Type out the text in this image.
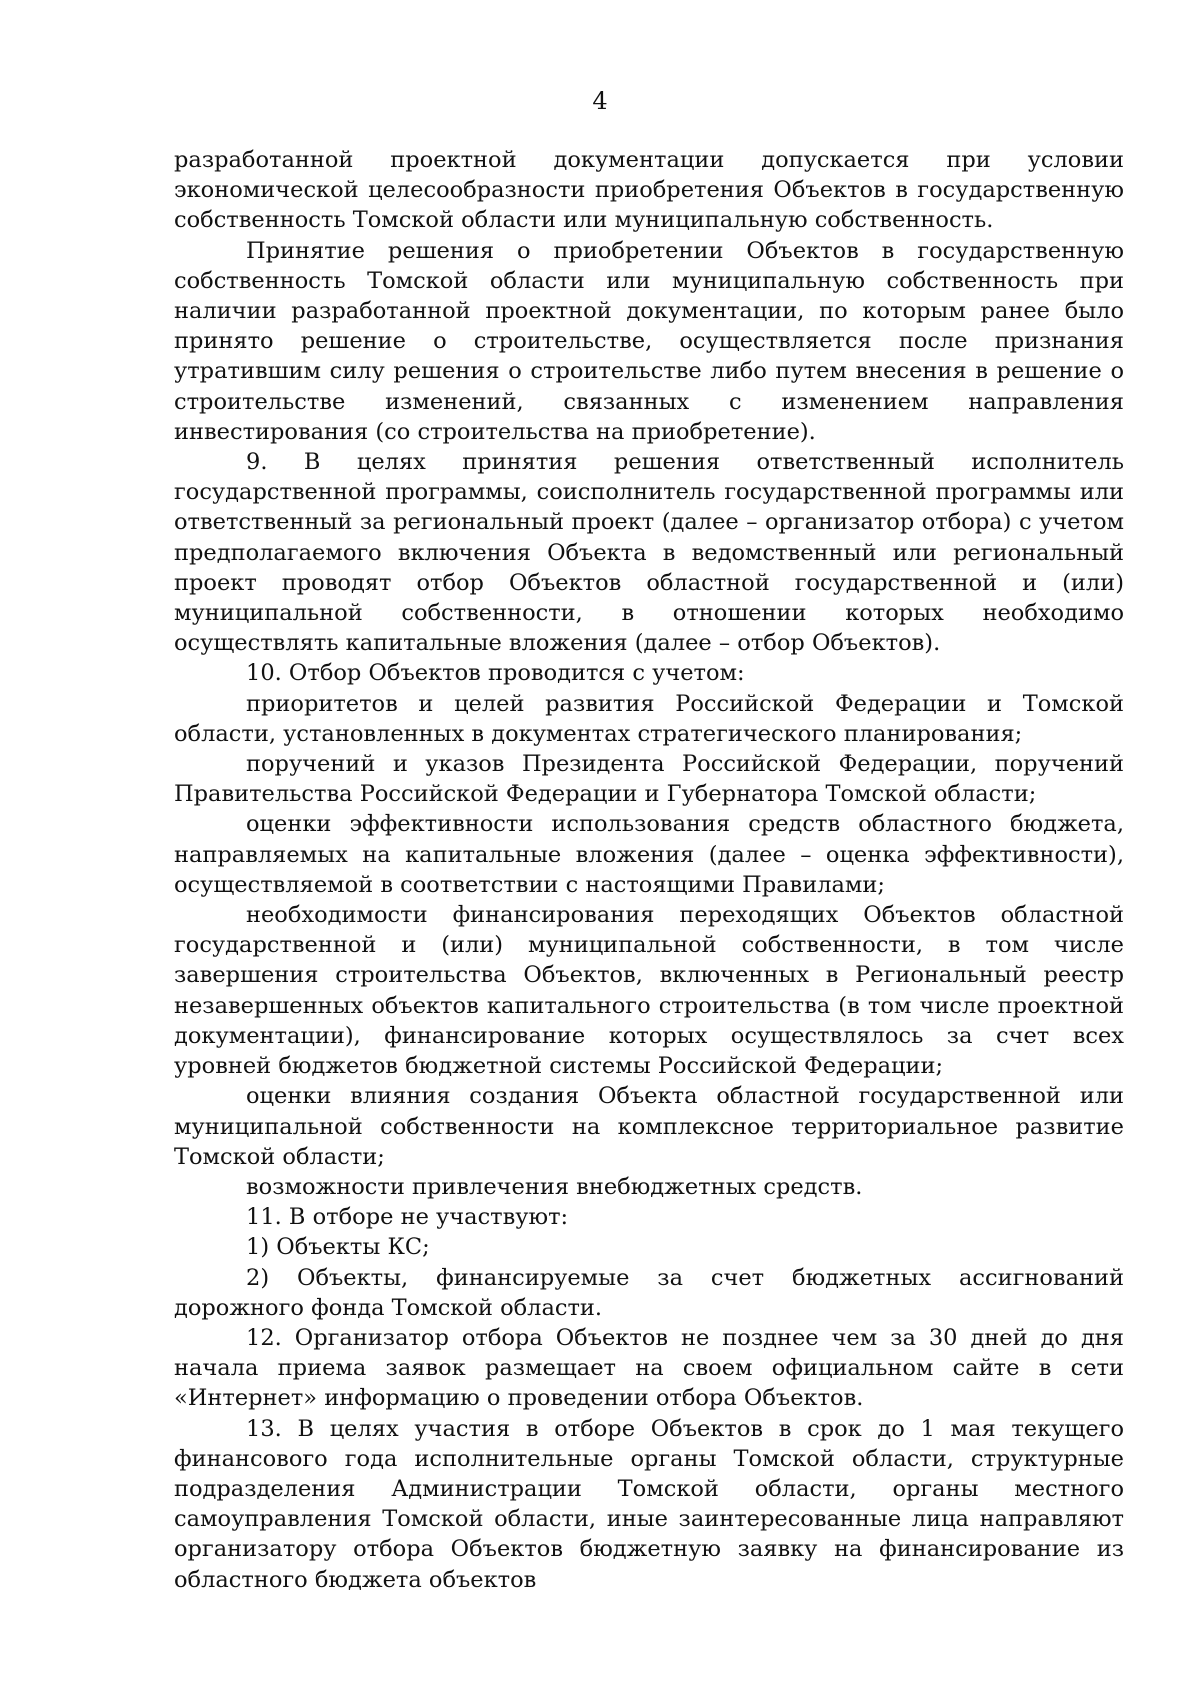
4

разработанной проектной документации допускается при условии экономической целесообразности приобретения Объектов в государственную собственность Томской области или муниципальную собственность.

Принятие решения о приобретении Объектов в государственную собственность Томской области или муниципальную собственность при наличии разработанной проектной документации, по которым ранее было принято решение о строительстве, осуществляется после признания утратившим силу решения о строительстве либо путем внесения в решение о строительстве изменений, связанных с изменением направления инвестирования (со строительства на приобретение).

9. В целях принятия решения ответственный исполнитель государственной программы, соисполнитель государственной программы или ответственный за региональный проект (далее – организатор отбора) с учетом предполагаемого включения Объекта в ведомственный или региональный проект проводят отбор Объектов областной государственной и (или) муниципальной собственности, в отношении которых необходимо осуществлять капитальные вложения (далее – отбор Объектов).

10. Отбор Объектов проводится с учетом:

приоритетов и целей развития Российской Федерации и Томской области, установленных в документах стратегического планирования;

поручений и указов Президента Российской Федерации, поручений Правительства Российской Федерации и Губернатора Томской области;

оценки эффективности использования средств областного бюджета, направляемых на капитальные вложения (далее – оценка эффективности), осуществляемой в соответствии с настоящими Правилами;

необходимости финансирования переходящих Объектов областной государственной и (или) муниципальной собственности, в том числе завершения строительства Объектов, включенных в Региональный реестр незавершенных объектов капитального строительства (в том числе проектной документации), финансирование которых осуществлялось за счет всех уровней бюджетов бюджетной системы Российской Федерации;

оценки влияния создания Объекта областной государственной или муниципальной собственности на комплексное территориальное развитие Томской области;

возможности привлечения внебюджетных средств.

11. В отборе не участвуют:

1) Объекты КС;

2) Объекты, финансируемые за счет бюджетных ассигнований дорожного фонда Томской области.

12. Организатор отбора Объектов не позднее чем за 30 дней до дня начала приема заявок размещает на своем официальном сайте в сети «Интернет» информацию о проведении отбора Объектов.

13. В целях участия в отборе Объектов в срок до 1 мая текущего финансового года исполнительные органы Томской области, структурные подразделения Администрации Томской области, органы местного самоуправления Томской области, иные заинтересованные лица направляют организатору отбора Объектов бюджетную заявку на финансирование из областного бюджета объектов
